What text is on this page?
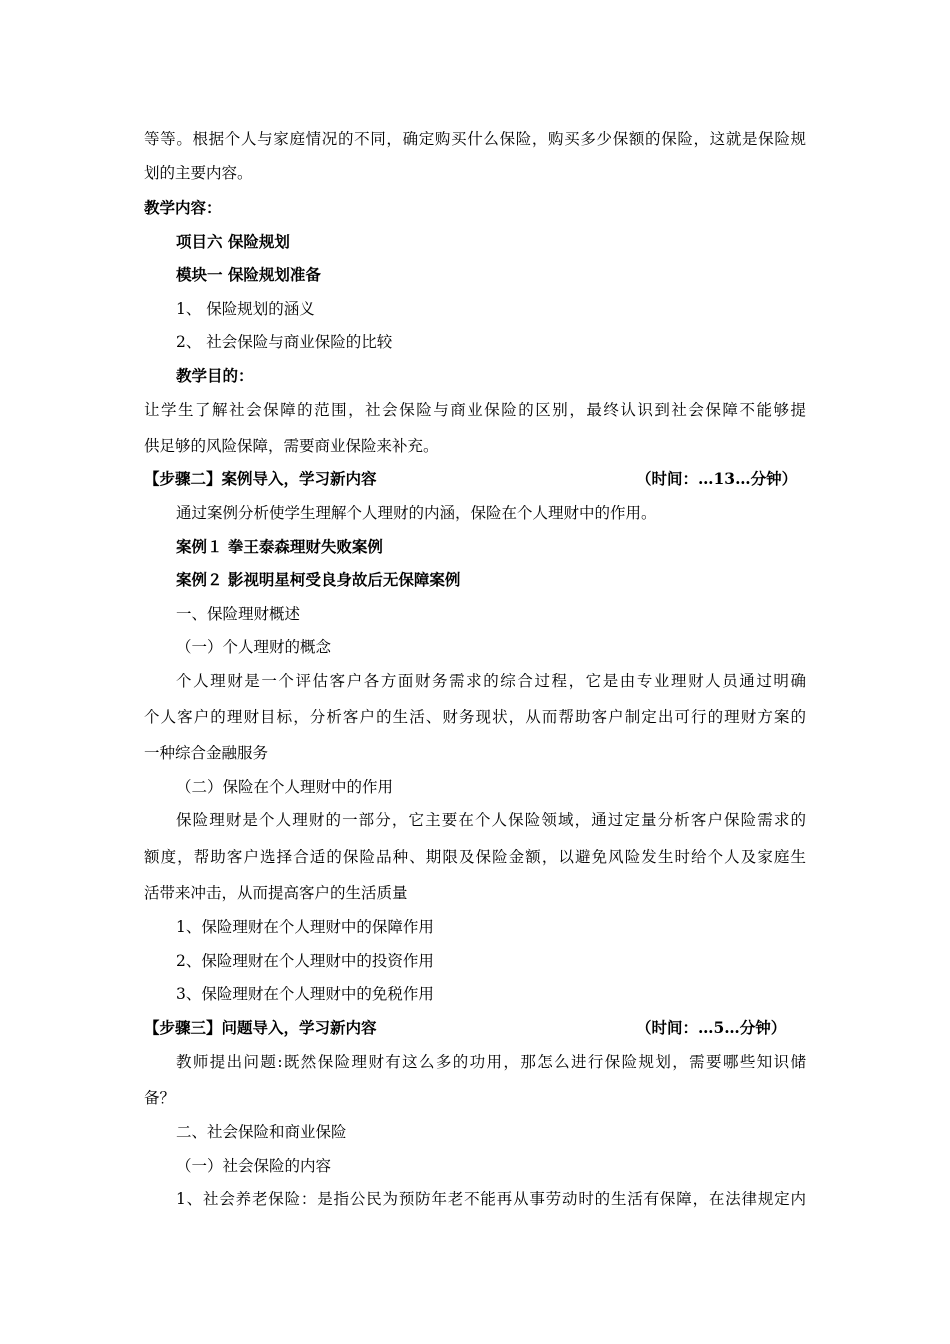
等等。根据个人与家庭情况的不同，确定购买什么保险，购买多少保额的保险，这就是保险规
划的主要内容。
教学内容：
项目六 保险规划
模块一 保险规划准备
1、 保险规划的涵义
2、 社会保险与商业保险的比较
教学目的：
让学生了解社会保障的范围，社会保险与商业保险的区别，最终认识到社会保障不能够提
供足够的风险保障，需要商业保险来补充。
【步骤二】案例导入，学习新内容	（时间：…13…分钟）
通过案例分析使学生理解个人理财的内涵，保险在个人理财中的作用。
案例１ 拳王泰森理财失败案例
案例２ 影视明星柯受良身故后无保障案例
一、保险理财概述
（一）个人理财的概念
个人理财是一个评估客户各方面财务需求的综合过程，它是由专业理财人员通过明确
个人客户的理财目标，分析客户的生活、财务现状，从而帮助客户制定出可行的理财方案的
一种综合金融服务
（二）保险在个人理财中的作用
保险理财是个人理财的一部分，它主要在个人保险领域，通过定量分析客户保险需求的
额度，帮助客户选择合适的保险品种、期限及保险金额，以避免风险发生时给个人及家庭生
活带来冲击，从而提高客户的生活质量
1、保险理财在个人理财中的保障作用
2、保险理财在个人理财中的投资作用
3、保险理财在个人理财中的免税作用
【步骤三】问题导入，学习新内容	（时间：…5…分钟）
教师提出问题:既然保险理财有这么多的功用，那怎么进行保险规划，需要哪些知识储
备？
二、社会保险和商业保险
（一）社会保险的内容
1、社会养老保险：是指公民为预防年老不能再从事劳动时的生活有保障，在法律规定内
